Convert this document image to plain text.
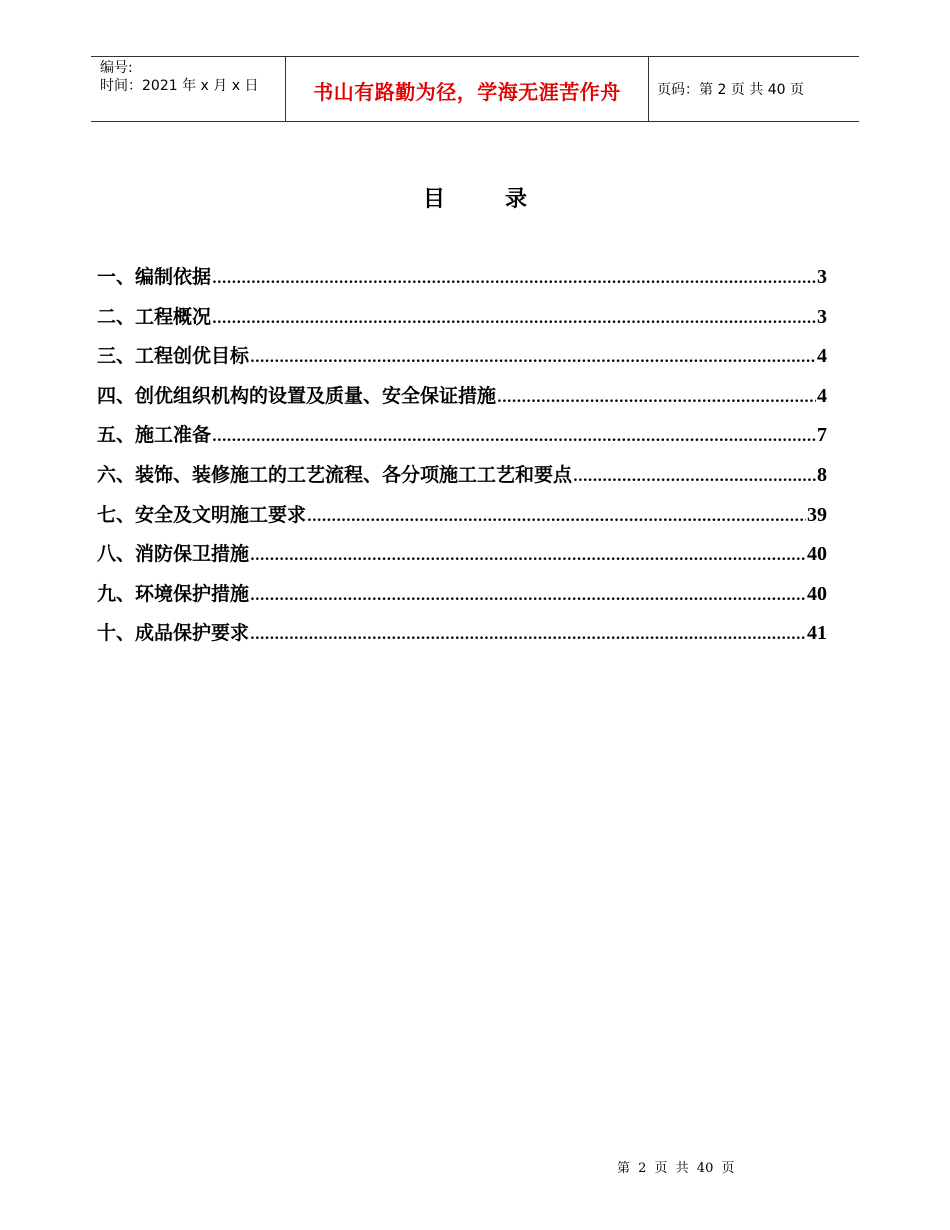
编号:
时间：2021 年 x 月 x 日	书山有路勤为径，学海无涯苦作舟	页码：第 2 页 共 40 页
目	录
一、编制依据 .....	3
二、工程概况 .....	3
三、工程创优目标 .....	4
四、创优组织机构的设置及质量、安全保证措施 .....	4
五、施工准备 .....	7
六、装饰、装修施工的工艺流程、各分项施工工艺和要点 .....	8
七、安全及文明施工要求 .....	39
八、消防保卫措施 .....	40
九、环境保护措施 .....	40
十、成品保护要求 .....	41
第 2 页 共 40 页
